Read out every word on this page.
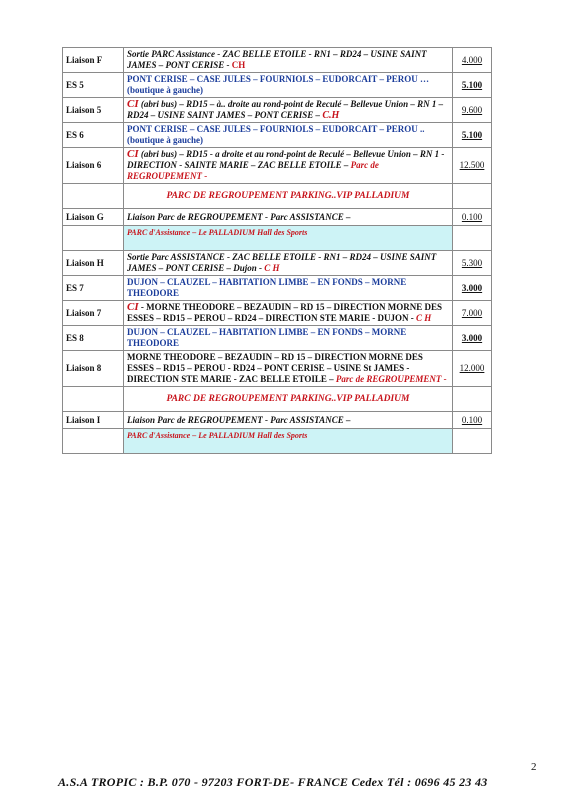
Liaison F	Sortie PARC Assistance - ZAC BELLE ETOILE - RN1 – RD24 – USINE SAINT JAMES – PONT CERISE - CH	4.000
ES 5	PONT CERISE – CASE JULES – FOURNIOLS – EUDORCAIT – PEROU …(boutique à gauche)	5.100
Liaison 5	CI (abri bus) – RD15 – à.. droite au rond-point de Reculé – Bellevue Union – RN 1 – RD24 – USINE SAINT JAMES – PONT CERISE – C.H	9.600
ES 6	PONT CERISE – CASE JULES – FOURNIOLS – EUDORCAIT – PEROU .. (boutique à gauche)	5.100
Liaison 6	CI (abri bus) – RD15 - a droite et au rond-point de Reculé – Bellevue Union – RN 1 - DIRECTION - SAINTE MARIE – ZAC BELLE ETOILE – Parc de REGROUPEMENT -	12.500
	PARC DE REGROUPEMENT PARKING..VIP PALLADIUM	
Liaison G	Liaison Parc de REGROUPEMENT - Parc ASSISTANCE –	0.100
	PARC d'Assistance – Le PALLADIUM Hall des Sports	
Liaison H	Sortie Parc ASSISTANCE - ZAC BELLE ETOILE - RN1 – RD24 – USINE SAINT JAMES – PONT CERISE – Dujon - C H	5.300
ES 7	DUJON – CLAUZEL – HABITATION LIMBE – EN FONDS – MORNE THEODORE	3.000
Liaison 7	CI - MORNE THEODORE – BEZAUDIN – RD 15 – DIRECTION MORNE DES ESSES – RD15 – PEROU – RD24 – DIRECTION STE MARIE - DUJON - C H	7.000
ES 8	DUJON – CLAUZEL – HABITATION LIMBE – EN FONDS – MORNE THEODORE	3.000
Liaison 8	MORNE THEODORE – BEZAUDIN – RD 15 – DIRECTION MORNE DES ESSES – RD15 – PEROU - RD24 – PONT CERISE – USINE St JAMES - DIRECTION STE MARIE - ZAC BELLE ETOILE – Parc de REGROUPEMENT -	12.000
	PARC DE REGROUPEMENT PARKING..VIP PALLADIUM	
Liaison I	Liaison Parc de REGROUPEMENT - Parc ASSISTANCE –	0.100
	PARC d'Assistance – Le PALLADIUM Hall des Sports	
2
A.S.A TROPIC : B.P. 070 - 97203 FORT-DE- FRANCE Cedex Tél : 0696 45 23 43
